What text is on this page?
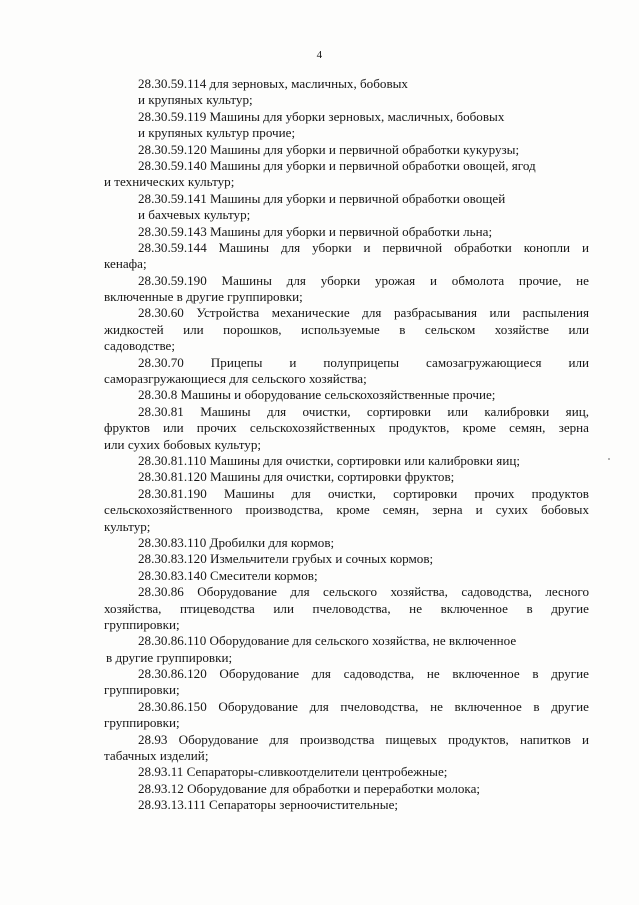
4
28.30.59.114 для зерновых, масличных, бобовых
и крупяных культур;
28.30.59.119 Машины для уборки зерновых, масличных, бобовых
и крупяных культур прочие;
28.30.59.120 Машины для уборки и первичной обработки кукурузы;
28.30.59.140 Машины для уборки и первичной обработки овощей, ягод
и технических культур;
28.30.59.141 Машины для уборки и первичной обработки овощей
и бахчевых культур;
28.30.59.143 Машины для уборки и первичной обработки льна;
28.30.59.144 Машины для уборки и первичной обработки конопли и
кенафа;
28.30.59.190 Машины для уборки урожая и обмолота прочие, не
включенные в другие группировки;
28.30.60 Устройства механические для разбрасывания или распыления
жидкостей или порошков, используемые в сельском хозяйстве или
садоводстве;
28.30.70 Прицепы и полуприцепы самозагружающиеся или
саморазгружающиеся для сельского хозяйства;
28.30.8 Машины и оборудование сельскохозяйственные прочие;
28.30.81 Машины для очистки, сортировки или калибровки яиц,
фруктов или прочих сельскохозяйственных продуктов, кроме семян, зерна
или сухих бобовых культур;
28.30.81.110 Машины для очистки, сортировки или калибровки яиц;
28.30.81.120 Машины для очистки, сортировки фруктов;
28.30.81.190 Машины для очистки, сортировки прочих продуктов
сельскохозяйственного производства, кроме семян, зерна и сухих бобовых
культур;
28.30.83.110 Дробилки для кормов;
28.30.83.120 Измельчители грубых и сочных кормов;
28.30.83.140 Смесители кормов;
28.30.86 Оборудование для сельского хозяйства, садоводства, лесного
хозяйства, птицеводства или пчеловодства, не включенное в другие
группировки;
28.30.86.110 Оборудование для сельского хозяйства, не включенное
в другие группировки;
28.30.86.120 Оборудование для садоводства, не включенное в другие
группировки;
28.30.86.150 Оборудование для пчеловодства, не включенное в другие
группировки;
28.93 Оборудование для производства пищевых продуктов, напитков и
табачных изделий;
28.93.11 Сепараторы-сливкоотделители центробежные;
28.93.12 Оборудование для обработки и переработки молока;
28.93.13.111 Сепараторы зерноочистительные;
